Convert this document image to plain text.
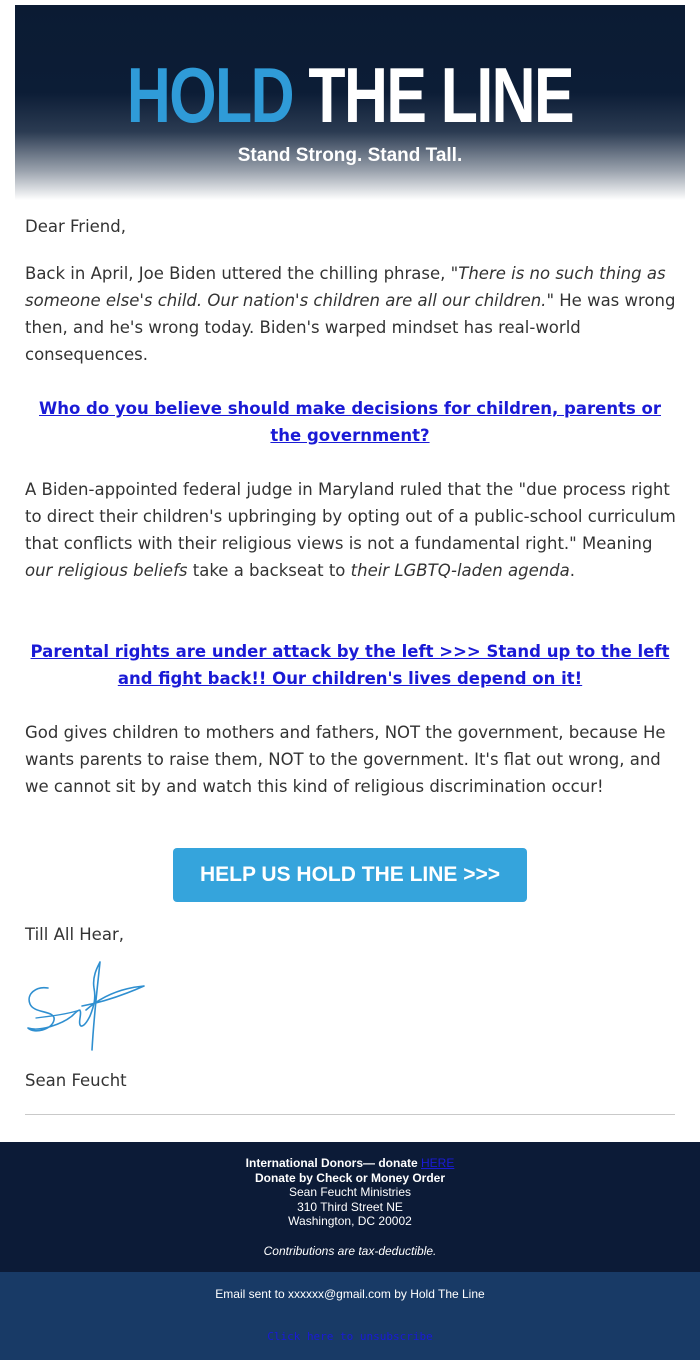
HOLD THE LINE
Stand Strong. Stand Tall.

Dear Friend,

Back in April, Joe Biden uttered the chilling phrase, "There is no such thing as someone else's child. Our nation's children are all our children." He was wrong then, and he's wrong today. Biden's warped mindset has real-world consequences.

Who do you believe should make decisions for children, parents or the government?

A Biden-appointed federal judge in Maryland ruled that the "due process right to direct their children's upbringing by opting out of a public-school curriculum that conflicts with their religious views is not a fundamental right." Meaning our religious beliefs take a backseat to their LGBTQ-laden agenda.

Parental rights are under attack by the left >>> Stand up to the left and fight back!! Our children's lives depend on it!

God gives children to mothers and fathers, NOT the government, because He wants parents to raise them, NOT to the government. It's flat out wrong, and we cannot sit by and watch this kind of religious discrimination occur!

HELP US HOLD THE LINE >>>

Till All Hear,

Sean Feucht

International Donors— donate HERE
Donate by Check or Money Order
Sean Feucht Ministries
310 Third Street NE
Washington, DC 20002
Contributions are tax-deductible.
Email sent to xxxxxx@gmail.com by Hold The Line
Click here to unsubscribe
